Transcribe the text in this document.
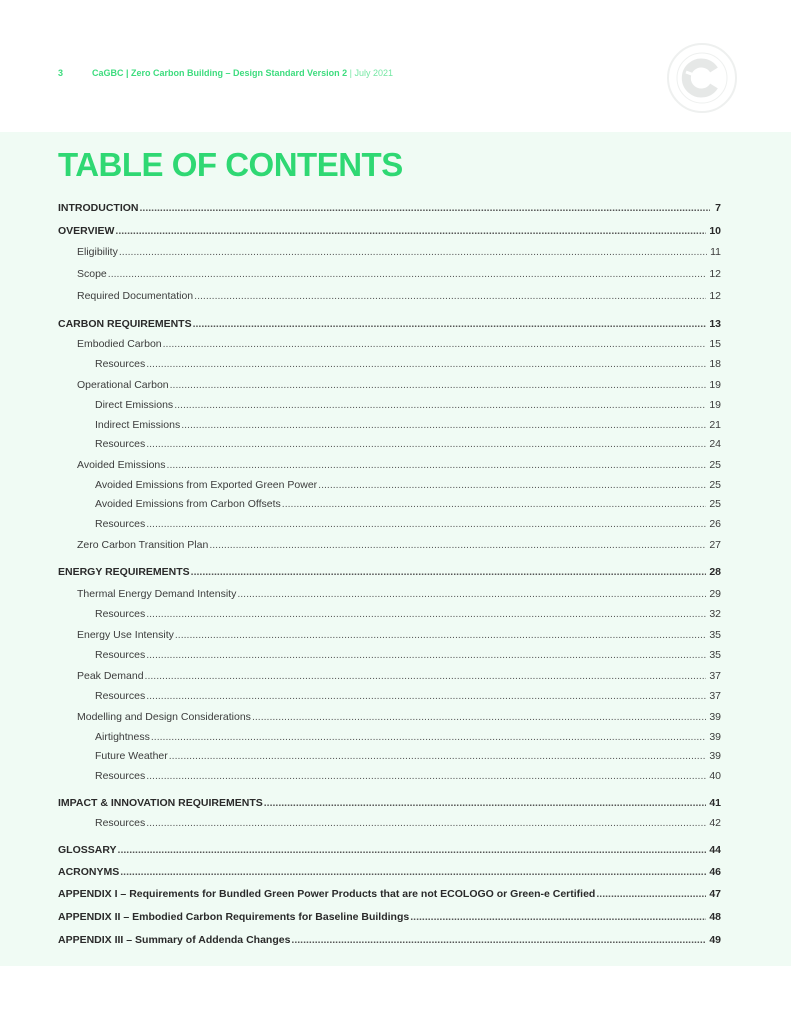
3	CaGBC | Zero Carbon Building – Design Standard Version 2 | July 2021
TABLE OF CONTENTS
INTRODUCTION .....	7
OVERVIEW .....	10
Eligibility .....	11
Scope .....	12
Required Documentation .....	12
CARBON REQUIREMENTS .....	13
Embodied Carbon .....	15
Resources .....	18
Operational Carbon .....	19
Direct Emissions .....	19
Indirect Emissions .....	21
Resources .....	24
Avoided Emissions .....	25
Avoided Emissions from Exported Green Power .....	25
Avoided Emissions from Carbon Offsets .....	25
Resources .....	26
Zero Carbon Transition Plan .....	27
ENERGY REQUIREMENTS .....	28
Thermal Energy Demand Intensity .....	29
Resources .....	32
Energy Use Intensity .....	35
Resources .....	35
Peak Demand .....	37
Resources .....	37
Modelling and Design Considerations .....	39
Airtightness .....	39
Future Weather .....	39
Resources .....	40
IMPACT & INNOVATION REQUIREMENTS .....	41
Resources .....	42
GLOSSARY .....	44
ACRONYMS .....	46
APPENDIX I – Requirements for Bundled Green Power Products that are not ECOLOGO or Green-e Certified .....	47
APPENDIX II – Embodied Carbon Requirements for Baseline Buildings .....	48
APPENDIX III – Summary of Addenda Changes .....	49
